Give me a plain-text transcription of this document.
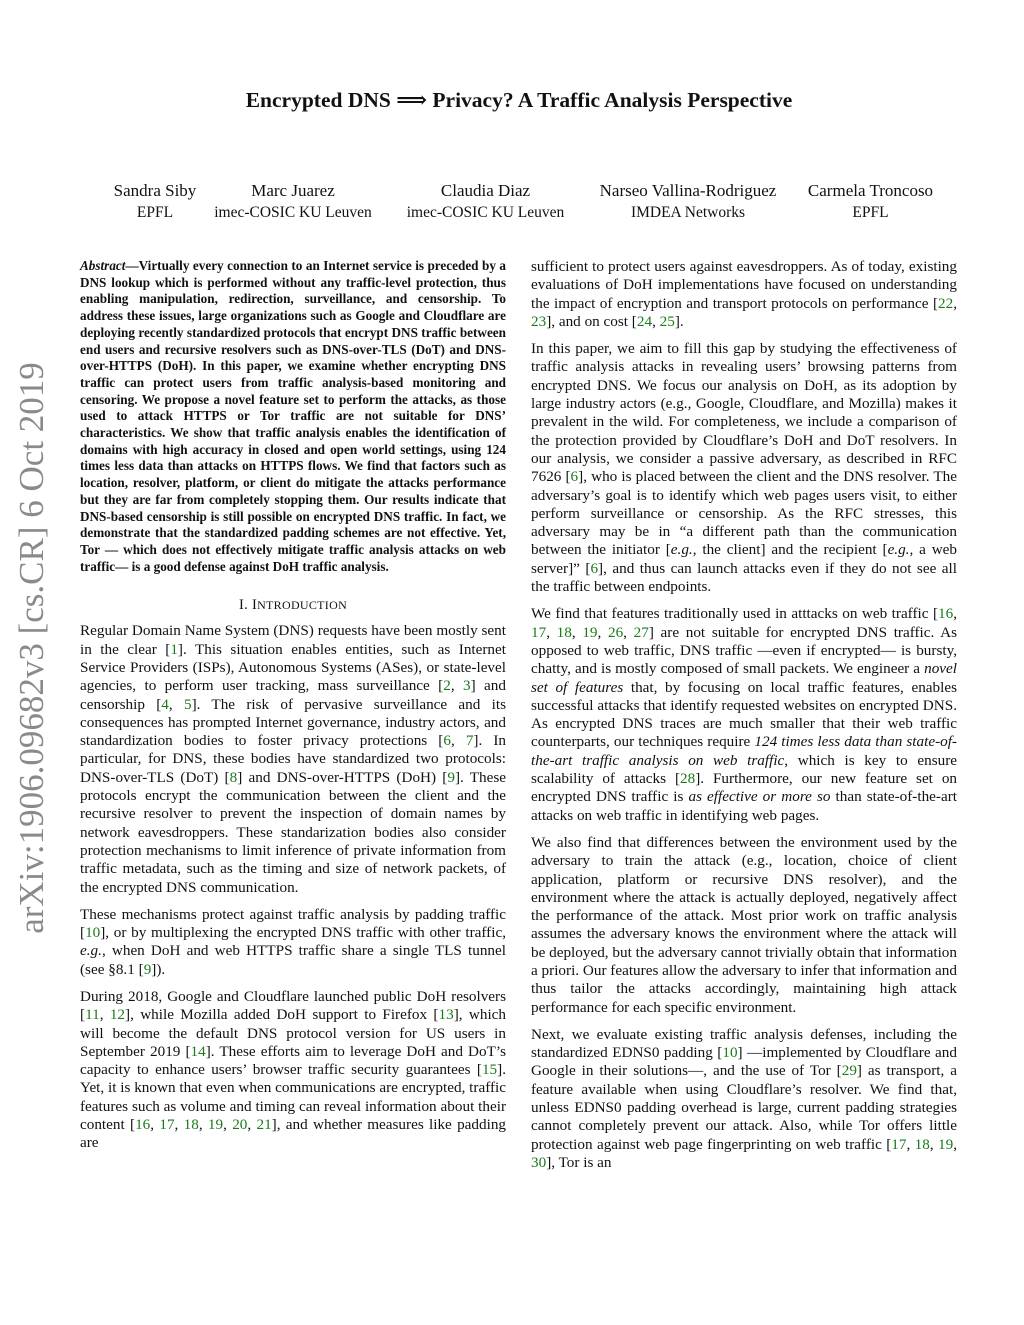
arXiv:1906.09682v3 [cs.CR] 6 Oct 2019
Encrypted DNS ⟹ Privacy? A Traffic Analysis Perspective
Sandra Siby
EPFL
Marc Juarez
imec-COSIC KU Leuven
Claudia Diaz
imec-COSIC KU Leuven
Narseo Vallina-Rodriguez
IMDEA Networks
Carmela Troncoso
EPFL
Abstract—Virtually every connection to an Internet service is preceded by a DNS lookup which is performed without any traffic-level protection, thus enabling manipulation, redirection, surveillance, and censorship. To address these issues, large organizations such as Google and Cloudflare are deploying recently standardized protocols that encrypt DNS traffic between end users and recursive resolvers such as DNS-over-TLS (DoT) and DNS-over-HTTPS (DoH). In this paper, we examine whether encrypting DNS traffic can protect users from traffic analysis-based monitoring and censoring. We propose a novel feature set to perform the attacks, as those used to attack HTTPS or Tor traffic are not suitable for DNS’ characteristics. We show that traffic analysis enables the identification of domains with high accuracy in closed and open world settings, using 124 times less data than attacks on HTTPS flows. We find that factors such as location, resolver, platform, or client do mitigate the attacks performance but they are far from completely stopping them. Our results indicate that DNS-based censorship is still possible on encrypted DNS traffic. In fact, we demonstrate that the standardized padding schemes are not effective. Yet, Tor — which does not effectively mitigate traffic analysis attacks on web traffic— is a good defense against DoH traffic analysis.
I. INTRODUCTION

Regular Domain Name System (DNS) requests have been mostly sent in the clear [1]. This situation enables entities, such as Internet Service Providers (ISPs), Autonomous Systems (ASes), or state-level agencies, to perform user tracking, mass surveillance [2, 3] and censorship [4, 5]. The risk of pervasive surveillance and its consequences has prompted Internet governance, industry actors, and standardization bodies to foster privacy protections [6, 7]. In particular, for DNS, these bodies have standardized two protocols: DNS-over-TLS (DoT) [8] and DNS-over-HTTPS (DoH) [9]. These protocols encrypt the communication between the client and the recursive resolver to prevent the inspection of domain names by network eavesdroppers. These standarization bodies also consider protection mechanisms to limit inference of private information from traffic metadata, such as the timing and size of network packets, of the encrypted DNS communication.

These mechanisms protect against traffic analysis by padding traffic [10], or by multiplexing the encrypted DNS traffic with other traffic, e.g., when DoH and web HTTPS traffic share a single TLS tunnel (see §8.1 [9]).

During 2018, Google and Cloudflare launched public DoH resolvers [11, 12], while Mozilla added DoH support to Firefox [13], which will become the default DNS protocol version for US users in September 2019 [14]. These efforts aim to leverage DoH and DoT’s capacity to enhance users’ browser traffic security guarantees [15]. Yet, it is known that even when communications are encrypted, traffic features such as volume and timing can reveal information about their content [16, 17, 18, 19, 20, 21], and whether measures like padding are

sufficient to protect users against eavesdroppers. As of today, existing evaluations of DoH implementations have focused on understanding the impact of encryption and transport protocols on performance [22, 23], and on cost [24, 25].

In this paper, we aim to fill this gap by studying the effectiveness of traffic analysis attacks in revealing users’ browsing patterns from encrypted DNS. We focus our analysis on DoH, as its adoption by large industry actors (e.g., Google, Cloudflare, and Mozilla) makes it prevalent in the wild. For completeness, we include a comparison of the protection provided by Cloudflare’s DoH and DoT resolvers. In our analysis, we consider a passive adversary, as described in RFC 7626 [6], who is placed between the client and the DNS resolver. The adversary’s goal is to identify which web pages users visit, to either perform surveillance or censorship. As the RFC stresses, this adversary may be in “a different path than the communication between the initiator [e.g., the client] and the recipient [e.g., a web server]” [6], and thus can launch attacks even if they do not see all the traffic between endpoints.

We find that features traditionally used in atttacks on web traffic [16, 17, 18, 19, 26, 27] are not suitable for encrypted DNS traffic. As opposed to web traffic, DNS traffic —even if encrypted— is bursty, chatty, and is mostly composed of small packets. We engineer a novel set of features that, by focusing on local traffic features, enables successful attacks that identify requested websites on encrypted DNS. As encrypted DNS traces are much smaller that their web traffic counterparts, our techniques require 124 times less data than state-of-the-art traffic analysis on web traffic, which is key to ensure scalability of attacks [28]. Furthermore, our new feature set on encrypted DNS traffic is as effective or more so than state-of-the-art attacks on web traffic in identifying web pages.

We also find that differences between the environment used by the adversary to train the attack (e.g., location, choice of client application, platform or recursive DNS resolver), and the environment where the attack is actually deployed, negatively affect the performance of the attack. Most prior work on traffic analysis assumes the adversary knows the environment where the attack will be deployed, but the adversary cannot trivially obtain that information a priori. Our features allow the adversary to infer that information and thus tailor the attacks accordingly, maintaining high attack performance for each specific environment.

Next, we evaluate existing traffic analysis defenses, including the standardized EDNS0 padding [10] —implemented by Cloudflare and Google in their solutions—, and the use of Tor [29] as transport, a feature available when using Cloudflare’s resolver. We find that, unless EDNS0 padding overhead is large, current padding strategies cannot completely prevent our attack. Also, while Tor offers little protection against web page fingerprinting on web traffic [17, 18, 19, 30], Tor is an
